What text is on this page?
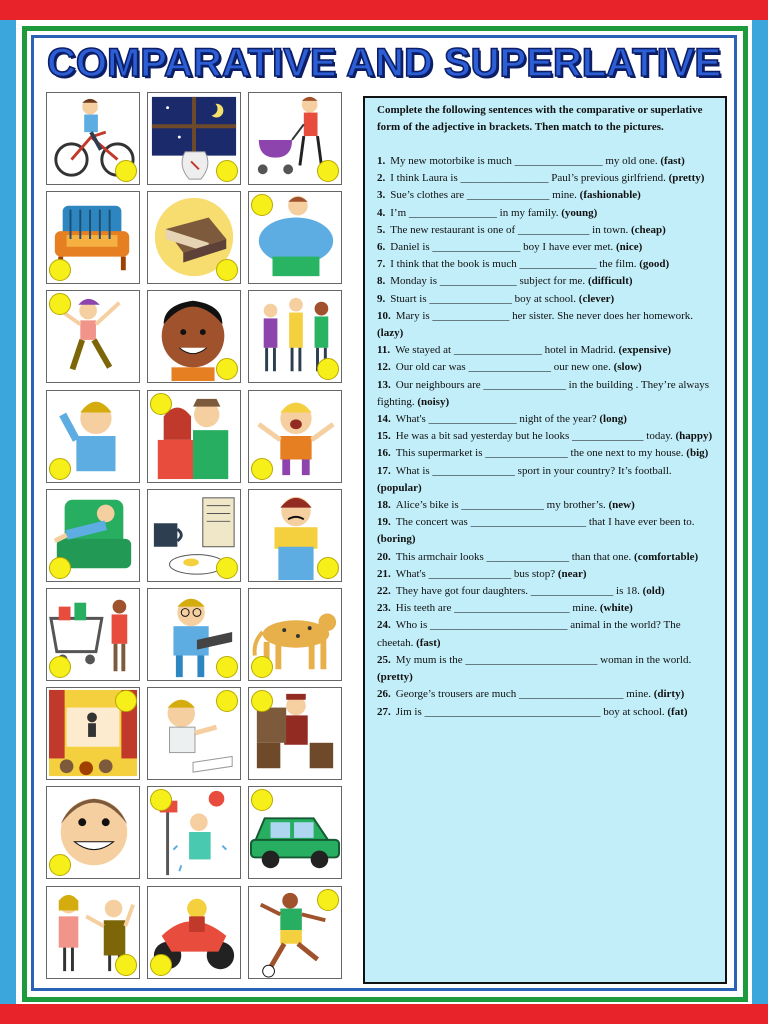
COMPARATIVE AND SUPERLATIVE
Complete the following sentences with the comparative or superlative form of the adjective in brackets. Then match to the pictures.

1. My new motorbike is much ________________ my old one. (fast)

2. I think Laura is ________________ Paul’s previous girlfriend. (pretty)

3. Sue’s clothes are _______________ mine. (fashionable)

4. I’m ________________ in my family. (young)

5. The new restaurant is one of _____________ in town. (cheap)

6. Daniel is ________________ boy I have ever met. (nice)

7. I think that the book is much ______________ the film. (good)

8. Monday is ______________ subject for me. (difficult)

9. Stuart is _______________ boy at school. (clever)

10. Mary is ______________ her sister. She never does her homework. (lazy)

11. We stayed at ________________ hotel in Madrid. (expensive)

12. Our old car was _______________ our new one. (slow)

13. Our neighbours are _______________ in the building . They’re always fighting. (noisy)

14. What's ________________ night of the year? (long)

15. He was a bit sad yesterday but he looks _____________ today. (happy)

16. This supermarket is _______________ the one next to my house. (big)

17. What is _______________ sport in your country? It’s football. (popular)

18. Alice’s bike is _______________ my brother’s. (new)

19. The concert was _____________________ that I have ever been to. (boring)

20. This armchair looks _______________ than that one. (comfortable)

21. What's _______________ bus stop? (near)

22. They have got four daughters. _______________ is 18. (old)

23. His teeth are _____________________ mine. (white)

24. Who is _________________________ animal in the world? The cheetah. (fast)

25. My mum is the ________________________ woman in the world. (pretty)

26. George’s trousers are much ___________________ mine. (dirty)

27. Jim is ________________________________ boy at school. (fat)
